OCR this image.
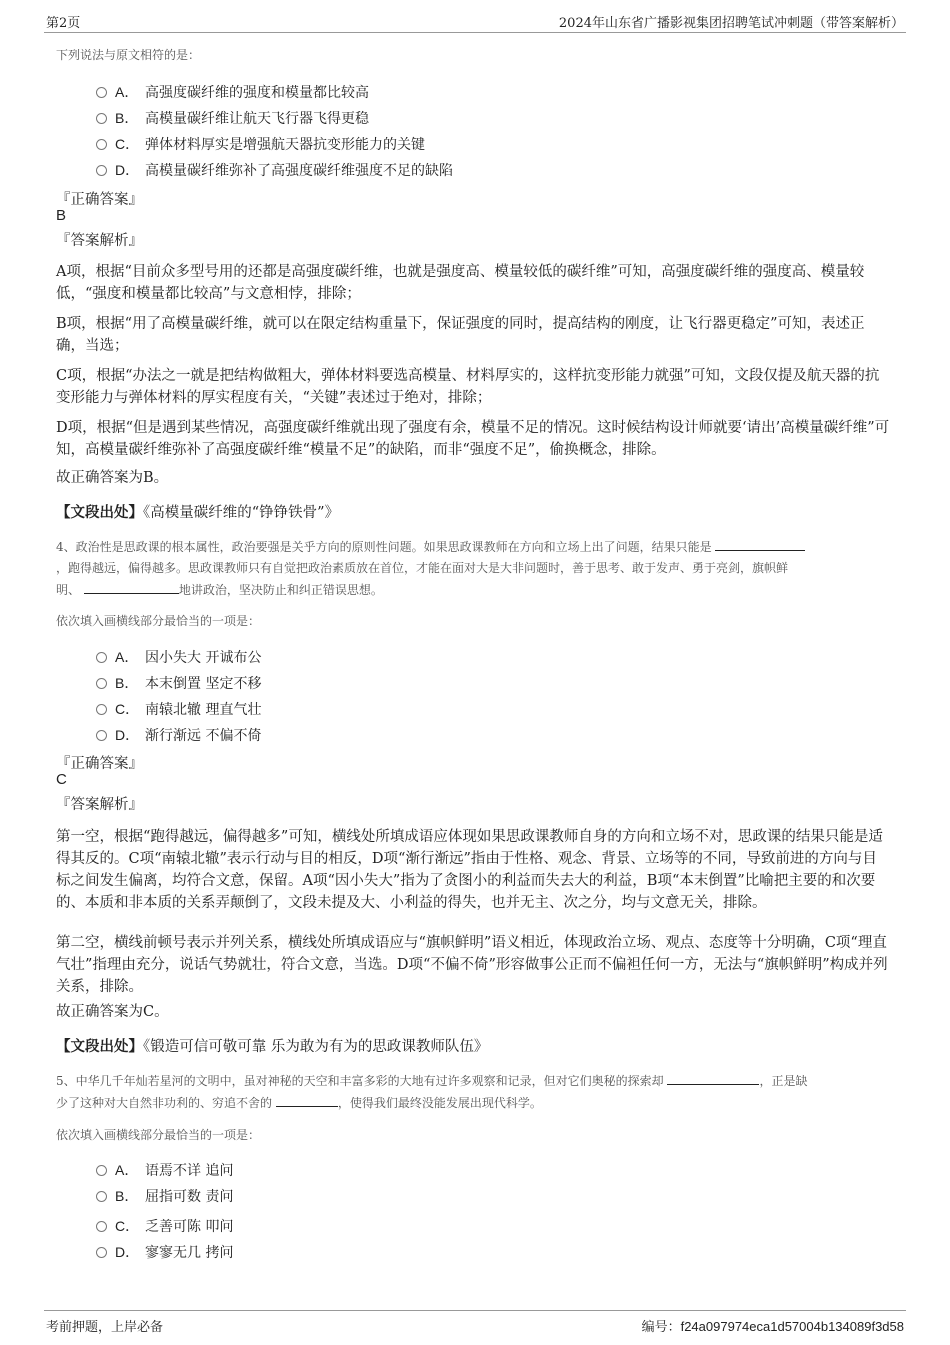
第2页	2024年山东省广播影视集团招聘笔试冲刺题（带答案解析）
下列说法与原文相符的是：
A． 高强度碳纤维的强度和模量都比较高
B． 高模量碳纤维让航天飞行器飞得更稳
C． 弹体材料厚实是增强航天器抗变形能力的关键
D． 高模量碳纤维弥补了高强度碳纤维强度不足的缺陷
『正确答案』
B
『答案解析』
A项，根据“目前众多型号用的还都是高强度碳纤维，也就是强度高、模量较低的碳纤维”可知，高强度碳纤维的强度高、模量较低，“强度和模量都比较高”与文意相悖，排除；
B项，根据“用了高模量碳纤维，就可以在限定结构重量下，保证强度的同时，提高结构的刚度，让飞行器更稳定”可知，表述正确，当选；
C项，根据“办法之一就是把结构做粗大，弹体材料要选高模量、材料厚实的，这样抗变形能力就强”可知，文段仅提及航天器的抗变形能力与弹体材料的厚实程度有关，“关键”表述过于绝对，排除；
D项，根据“但是遇到某些情况，高强度碳纤维就出现了强度有余，模量不足的情况。这时候结构设计师就要‘请出’高模量碳纤维”可知，高模量碳纤维弥补了高强度碳纤维“模量不足”的缺陷，而非“强度不足”，偷换概念，排除。
故正确答案为B。
【文段出处】《高模量碳纤维的“铮铮铁骨”》
4、政治性是思政课的根本属性，政治要强是关乎方向的原则性问题。如果思政课教师在方向和立场上出了问题，结果只能是
，跑得越远，偏得越多。思政课教师只有自觉把政治素质放在首位，才能在面对大是大非问题时，善于思考、敢于发声、勇于亮剑，旗帜鲜
明、	地讲政治，坚决防止和纠正错误思想。
依次填入画横线部分最恰当的一项是：
A． 因小失大 开诚布公
B． 本末倒置 坚定不移
C． 南辕北辙 理直气壮
D． 渐行渐远 不偏不倚
『正确答案』
C
『答案解析』
第一空，根据“跑得越远，偏得越多”可知，横线处所填成语应体现如果思政课教师自身的方向和立场不对，思政课的结果只能是适得其反的。C项“南辕北辙”表示行动与目的相反，D项“渐行渐远”指由于性格、观念、背景、立场等的不同，导致前进的方向与目标之间发生偏离，均符合文意，保留。A项“因小失大”指为了贪图小的利益而失去大的利益，B项“本末倒置”比喻把主要的和次要的、本质和非本质的关系弄颠倒了，文段未提及大、小利益的得失，也并无主、次之分，均与文意无关，排除。
第二空，横线前顿号表示并列关系，横线处所填成语应与“旗帜鲜明”语义相近，体现政治立场、观点、态度等十分明确，C项“理直气壮”指理由充分，说话气势就壮，符合文意，当选。D项“不偏不倚”形容做事公正而不偏袒任何一方，无法与“旗帜鲜明”构成并列关系，排除。
故正确答案为C。
【文段出处】《锻造可信可敬可靠 乐为敢为有为的思政课教师队伍》
5、中华几千年灿若星河的文明中，虽对神秘的天空和丰富多彩的大地有过许多观察和记录，但对它们奥秘的探索却	，正是缺
少了这种对大自然非功利的、穷追不舍的	，使得我们最终没能发展出现代科学。
依次填入画横线部分最恰当的一项是：
A． 语焉不详 追问
B． 屈指可数 责问
C． 乏善可陈 叩问
D． 寥寥无几 拷问
考前押题，上岸必备	编号：f24a097974eca1d57004b134089f3d58
